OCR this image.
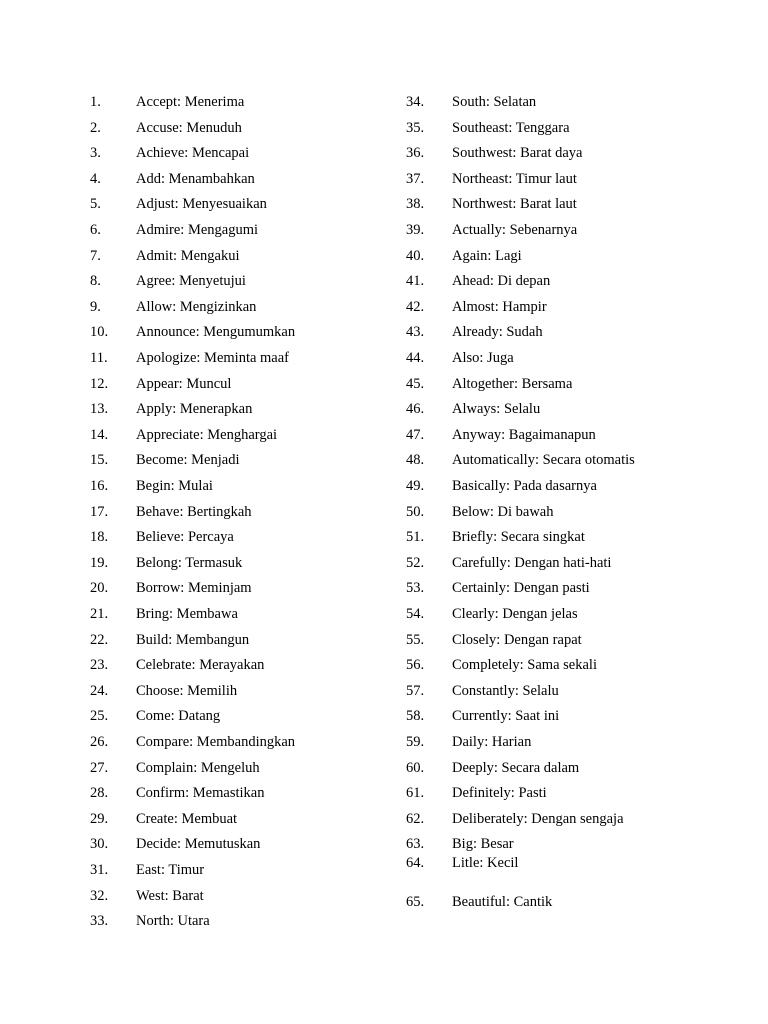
1.	Accept: Menerima
2.	Accuse: Menuduh
3.	Achieve: Mencapai
4.	Add: Menambahkan
5.	Adjust: Menyesuaikan
6.	Admire: Mengagumi
7.	Admit: Mengakui
8.	Agree: Menyetujui
9.	Allow: Mengizinkan
10.	Announce: Mengumumkan
11.	Apologize: Meminta maaf
12.	Appear: Muncul
13.	Apply: Menerapkan
14.	Appreciate: Menghargai
15.	Become: Menjadi
16.	Begin: Mulai
17.	Behave: Bertingkah
18.	Believe: Percaya
19.	Belong: Termasuk
20.	Borrow: Meminjam
21.	Bring: Membawa
22.	Build: Membangun
23.	Celebrate: Merayakan
24.	Choose: Memilih
25.	Come: Datang
26.	Compare: Membandingkan
27.	Complain: Mengeluh
28.	Confirm: Memastikan
29.	Create: Membuat
30.	Decide: Memutuskan
31.	East: Timur
32.	West: Barat
33.	North: Utara
34.	South: Selatan
35.	Southeast: Tenggara
36.	Southwest: Barat daya
37.	Northeast: Timur laut
38.	Northwest: Barat laut
39.	Actually: Sebenarnya
40.	Again: Lagi
41.	Ahead: Di depan
42.	Almost: Hampir
43.	Already: Sudah
44.	Also: Juga
45.	Altogether: Bersama
46.	Always: Selalu
47.	Anyway: Bagaimanapun
48.	Automatically: Secara otomatis
49.	Basically: Pada dasarnya
50.	Below: Di bawah
51.	Briefly: Secara singkat
52.	Carefully: Dengan hati-hati
53.	Certainly: Dengan pasti
54.	Clearly: Dengan jelas
55.	Closely: Dengan rapat
56.	Completely: Sama sekali
57.	Constantly: Selalu
58.	Currently: Saat ini
59.	Daily: Harian
60.	Deeply: Secara dalam
61.	Definitely: Pasti
62.	Deliberately: Dengan sengaja
63.	Big: Besar
64.	Litle: Kecil
65.	Beautiful: Cantik
